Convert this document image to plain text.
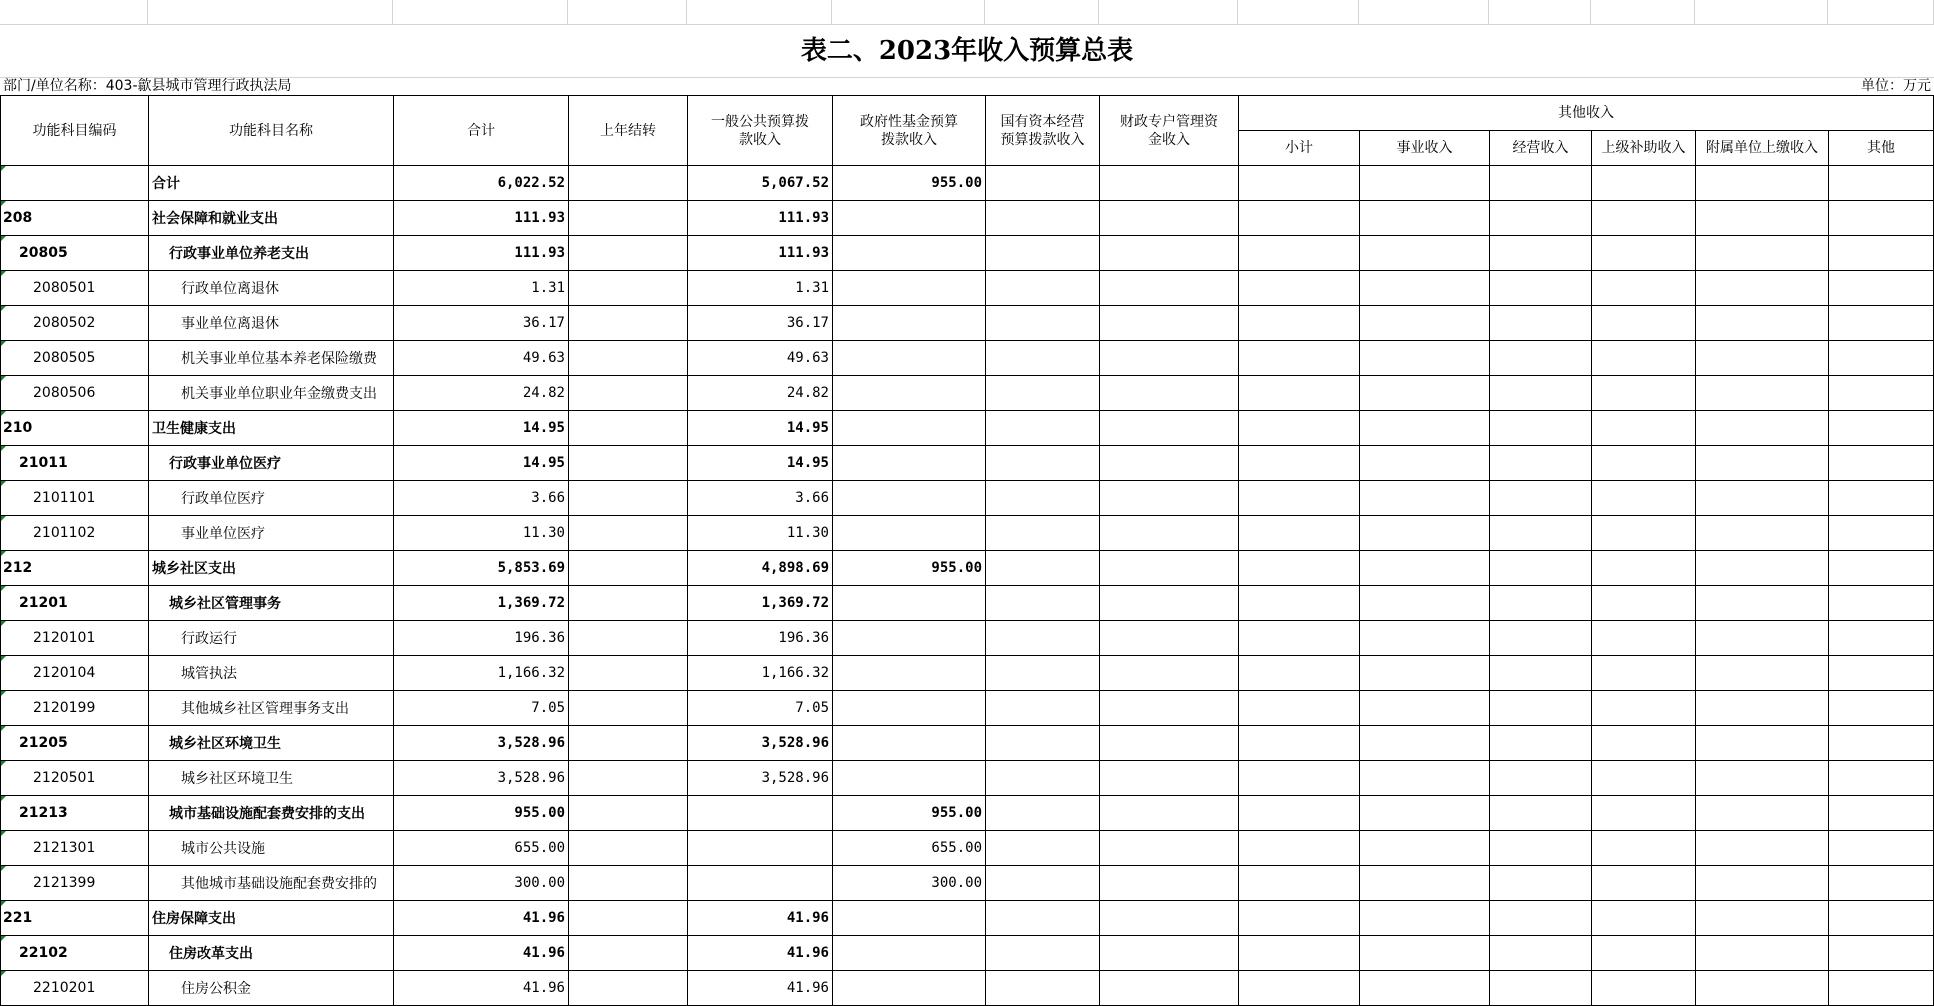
表二、2023年收入预算总表
部门/单位名称：403-歙县城市管理行政执法局	单位：万元
功能科目编码	功能科目名称	合计	上年结转	一般公共预算拨款收入	政府性基金预算拨款收入	国有资本经营预算拨款收入	财政专户管理资金收入	其他收入					
								小计	事业收入	经营收入	上级补助收入	附属单位上缴收入	其他
	合计	6,022.52		5,067.52	955.00								
208	社会保障和就业支出	111.93		111.93									
20805	行政事业单位养老支出	111.93		111.93									
2080501	行政单位离退休	1.31		1.31									
2080502	事业单位离退休	36.17		36.17									
2080505	机关事业单位基本养老保险缴费	49.63		49.63									
2080506	机关事业单位职业年金缴费支出	24.82		24.82									
210	卫生健康支出	14.95		14.95									
21011	行政事业单位医疗	14.95		14.95									
2101101	行政单位医疗	3.66		3.66									
2101102	事业单位医疗	11.30		11.30									
212	城乡社区支出	5,853.69		4,898.69	955.00								
21201	城乡社区管理事务	1,369.72		1,369.72									
2120101	行政运行	196.36		196.36									
2120104	城管执法	1,166.32		1,166.32									
2120199	其他城乡社区管理事务支出	7.05		7.05									
21205	城乡社区环境卫生	3,528.96		3,528.96									
2120501	城乡社区环境卫生	3,528.96		3,528.96									
21213	城市基础设施配套费安排的支出	955.00			955.00								
2121301	城市公共设施	655.00			655.00								
2121399	其他城市基础设施配套费安排的	300.00			300.00								
221	住房保障支出	41.96		41.96									
22102	住房改革支出	41.96		41.96									
2210201	住房公积金	41.96		41.96									
